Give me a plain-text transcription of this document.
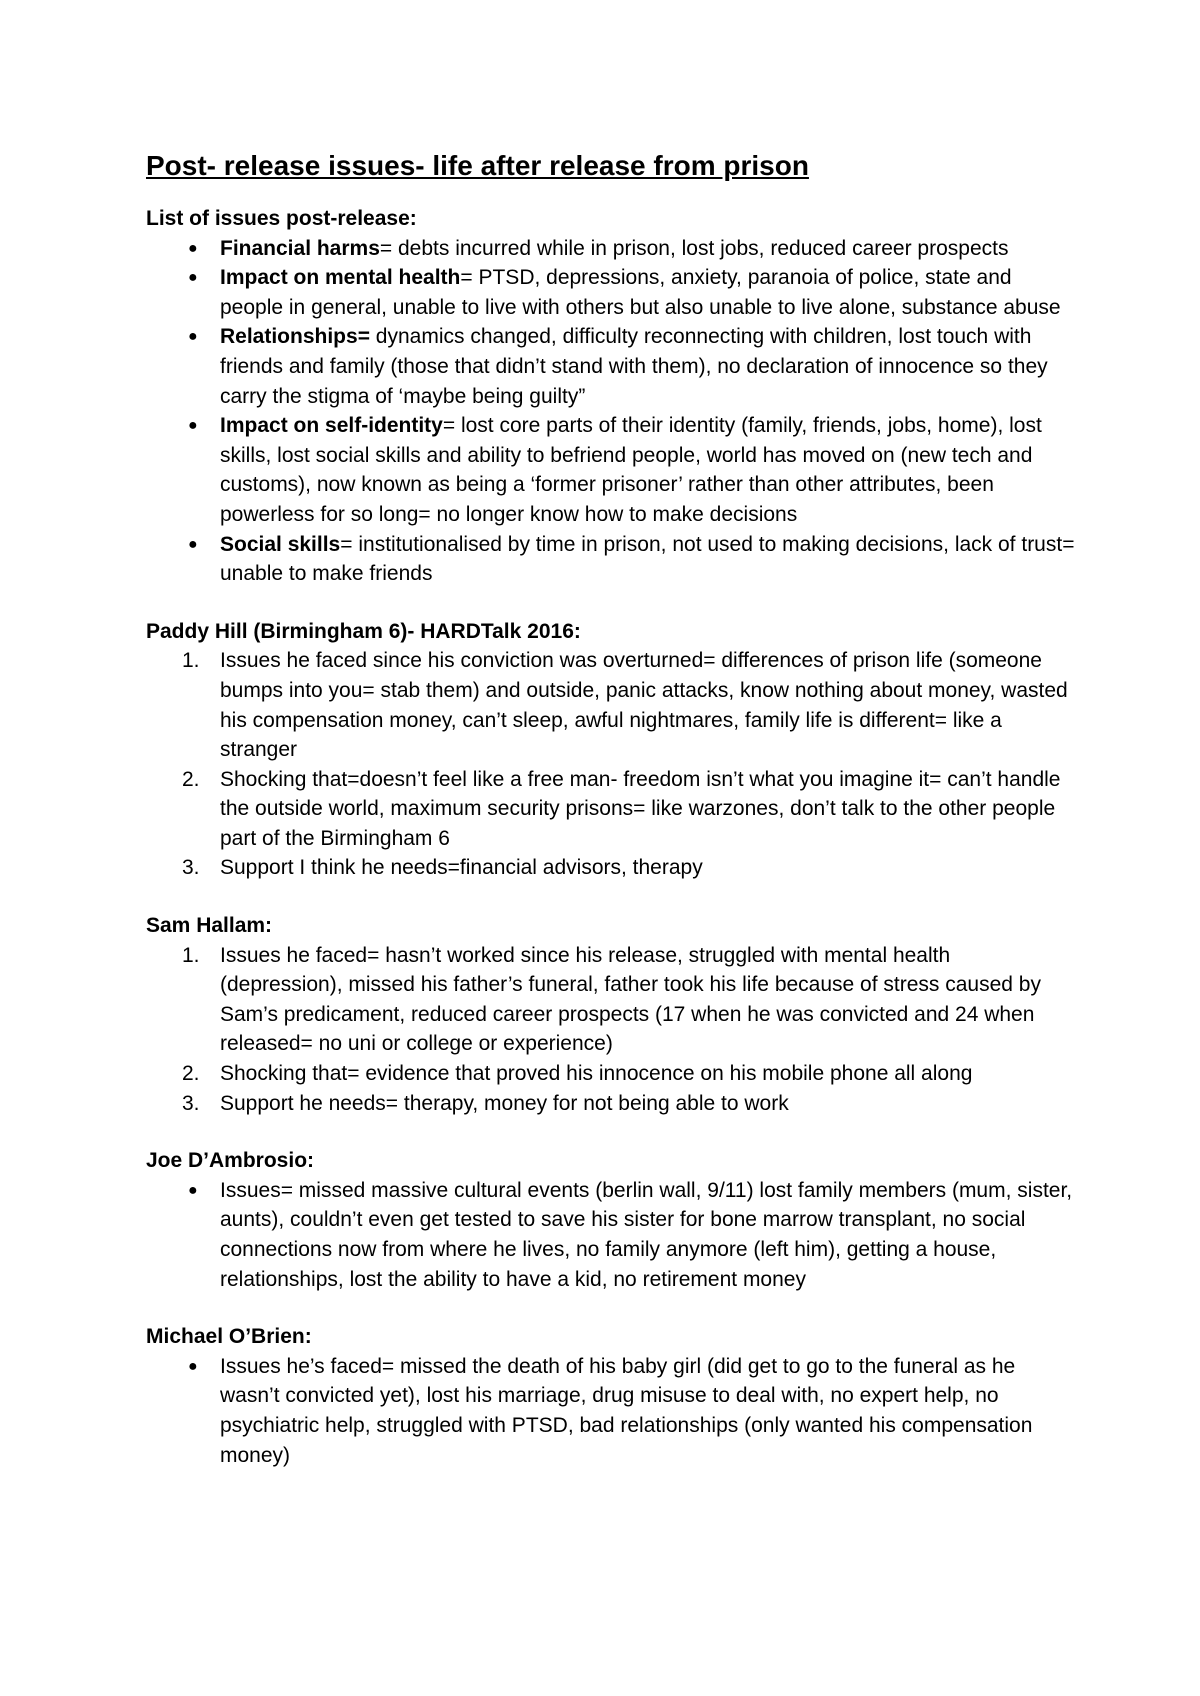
Post- release issues- life after release from prison

List of issues post-release:

● Financial harms= debts incurred while in prison, lost jobs, reduced career prospects
● Impact on mental health= PTSD, depressions, anxiety, paranoia of police, state and people in general, unable to live with others but also unable to live alone, substance abuse
● Relationships= dynamics changed, difficulty reconnecting with children, lost touch with friends and family (those that didn’t stand with them), no declaration of innocence so they carry the stigma of ‘maybe being guilty”
● Impact on self-identity= lost core parts of their identity (family, friends, jobs, home), lost skills, lost social skills and ability to befriend people, world has moved on (new tech and customs), now known as being a ‘former prisoner’ rather than other attributes, been powerless for so long= no longer know how to make decisions
● Social skills= institutionalised by time in prison, not used to making decisions, lack of trust= unable to make friends

Paddy Hill (Birmingham 6)- HARDTalk 2016:

1. Issues he faced since his conviction was overturned= differences of prison life (someone bumps into you= stab them) and outside, panic attacks, know nothing about money, wasted his compensation money, can’t sleep, awful nightmares, family life is different= like a stranger
2. Shocking that=doesn’t feel like a free man- freedom isn’t what you imagine it= can’t handle the outside world, maximum security prisons= like warzones, don’t talk to the other people part of the Birmingham 6
3. Support I think he needs=financial advisors, therapy

Sam Hallam:

1. Issues he faced= hasn’t worked since his release, struggled with mental health (depression), missed his father’s funeral, father took his life because of stress caused by Sam’s predicament, reduced career prospects (17 when he was convicted and 24 when released= no uni or college or experience)
2. Shocking that= evidence that proved his innocence on his mobile phone all along
3. Support he needs= therapy, money for not being able to work

Joe D’Ambrosio:

● Issues= missed massive cultural events (berlin wall, 9/11) lost family members (mum, sister, aunts), couldn’t even get tested to save his sister for bone marrow transplant, no social connections now from where he lives, no family anymore (left him), getting a house, relationships, lost the ability to have a kid, no retirement money

Michael O’Brien:

● Issues he’s faced= missed the death of his baby girl (did get to go to the funeral as he wasn’t convicted yet), lost his marriage, drug misuse to deal with, no expert help, no psychiatric help, struggled with PTSD, bad relationships (only wanted his compensation money)
